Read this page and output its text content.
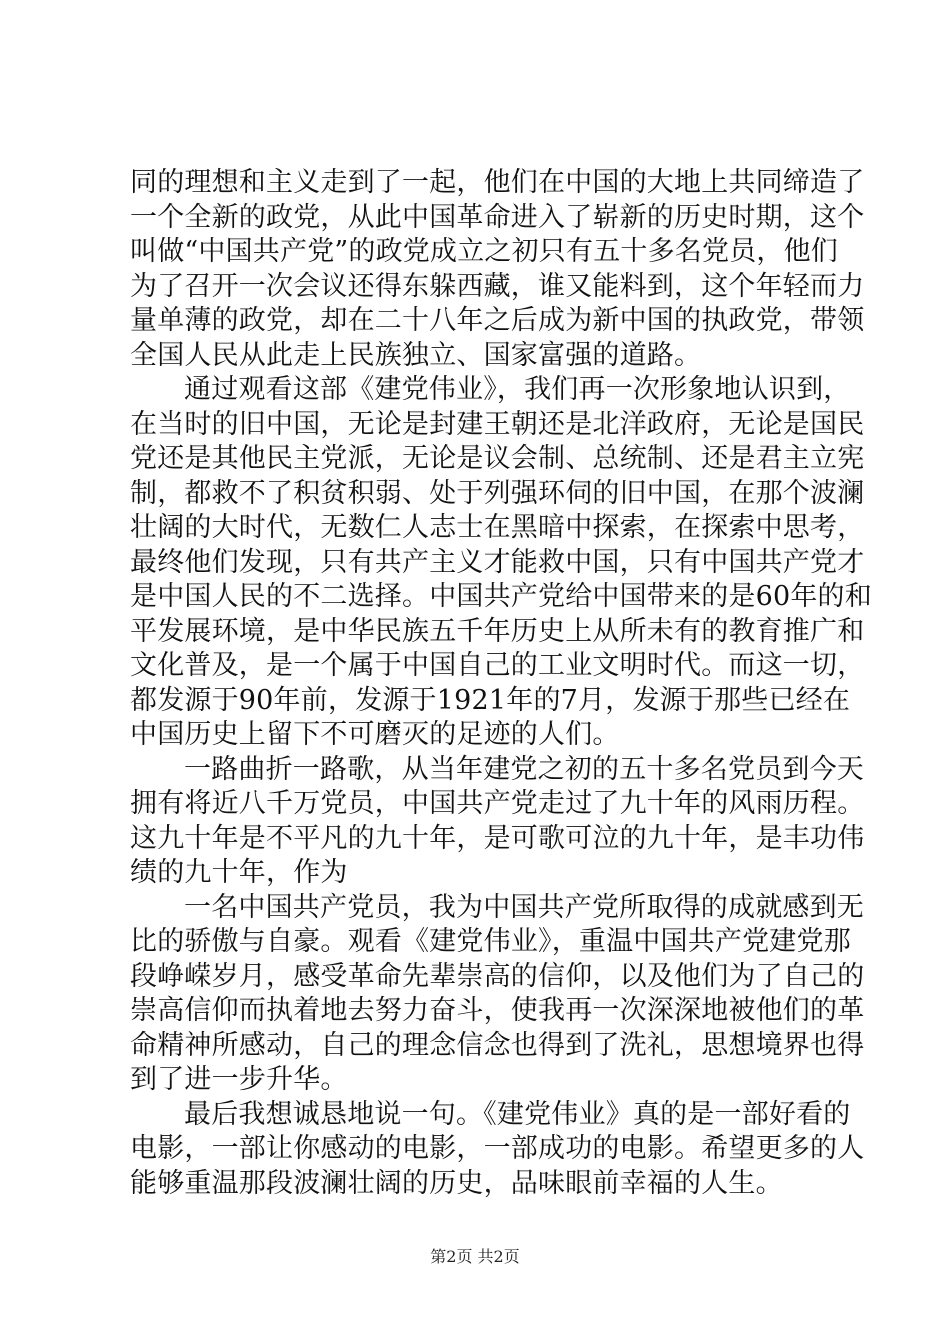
同的理想和主义走到了一起，他们在中国的大地上共同缔造了
一个全新的政党，从此中国革命进入了崭新的历史时期，这个
叫做“中国共产党”的政党成立之初只有五十多名党员，他们
为了召开一次会议还得东躲西藏，谁又能料到，这个年轻而力
量单薄的政党，却在二十八年之后成为新中国的执政党，带领
全国人民从此走上民族独立、国家富强的道路。

通过观看这部《建党伟业》，我们再一次形象地认识到，
在当时的旧中国，无论是封建王朝还是北洋政府，无论是国民
党还是其他民主党派，无论是议会制、总统制、还是君主立宪
制，都救不了积贫积弱、处于列强环伺的旧中国，在那个波澜
壮阔的大时代，无数仁人志士在黑暗中探索，在探索中思考，
最终他们发现，只有共产主义才能救中国，只有中国共产党才
是中国人民的不二选择。中国共产党给中国带来的是60年的和
平发展环境，是中华民族五千年历史上从所未有的教育推广和
文化普及，是一个属于中国自己的工业文明时代。而这一切，
都发源于90年前，发源于1921年的7月，发源于那些已经在
中国历史上留下不可磨灭的足迹的人们。

一路曲折一路歌，从当年建党之初的五十多名党员到今天
拥有将近八千万党员，中国共产党走过了九十年的风雨历程。
这九十年是不平凡的九十年，是可歌可泣的九十年，是丰功伟
绩的九十年，作为

一名中国共产党员，我为中国共产党所取得的成就感到无
比的骄傲与自豪。观看《建党伟业》，重温中国共产党建党那
段峥嵘岁月，感受革命先辈崇高的信仰，以及他们为了自己的
崇高信仰而执着地去努力奋斗，使我再一次深深地被他们的革
命精神所感动，自己的理念信念也得到了洗礼，思想境界也得
到了进一步升华。

最后我想诚恳地说一句。《建党伟业》真的是一部好看的
电影，一部让你感动的电影，一部成功的电影。希望更多的人
能够重温那段波澜壮阔的历史，品味眼前幸福的人生。

第2页 共2页
